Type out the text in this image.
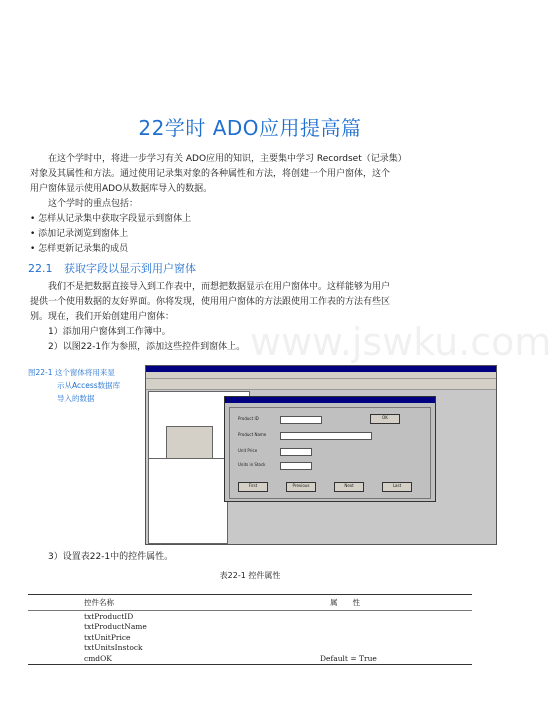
www.jswku.com
22学时 ADO应用提高篇
在这个学时中，将进一步学习有关 ADO应用的知识，主要集中学习 Recordset（记录集）
对象及其属性和方法。通过使用记录集对象的各种属性和方法，将创建一个用户窗体，这个
用户窗体显示使用ADO从数据库导入的数据。
这个学时的重点包括：
• 怎样从记录集中获取字段显示到窗体上
• 添加记录浏览到窗体上
• 怎样更新记录集的成员
22.1 获取字段以显示到用户窗体
我们不是把数据直接导入到工作表中，而想把数据显示在用户窗体中。这样能够为用户
提供一个使用数据的友好界面。你将发现，使用用户窗体的方法跟使用工作表的方法有些区
别。现在，我们开始创建用户窗体：
1）添加用户窗体到工作簿中。
2）以图22-1作为参照，添加这些控件到窗体上。
图22-1 这个窗体将用来显
示从Access数据库
导入的数据
Product ID	OK
Product Name
Unit Price
Units in Stock
First	Previous	Next	Last
3）设置表22-1中的控件属性。
表22-1 控件属性
控件名称	属　　性
txtProductID	
txtProductName	
txtUnitPrice	
txtUnitsInstock	
cmdOK	Default = True
